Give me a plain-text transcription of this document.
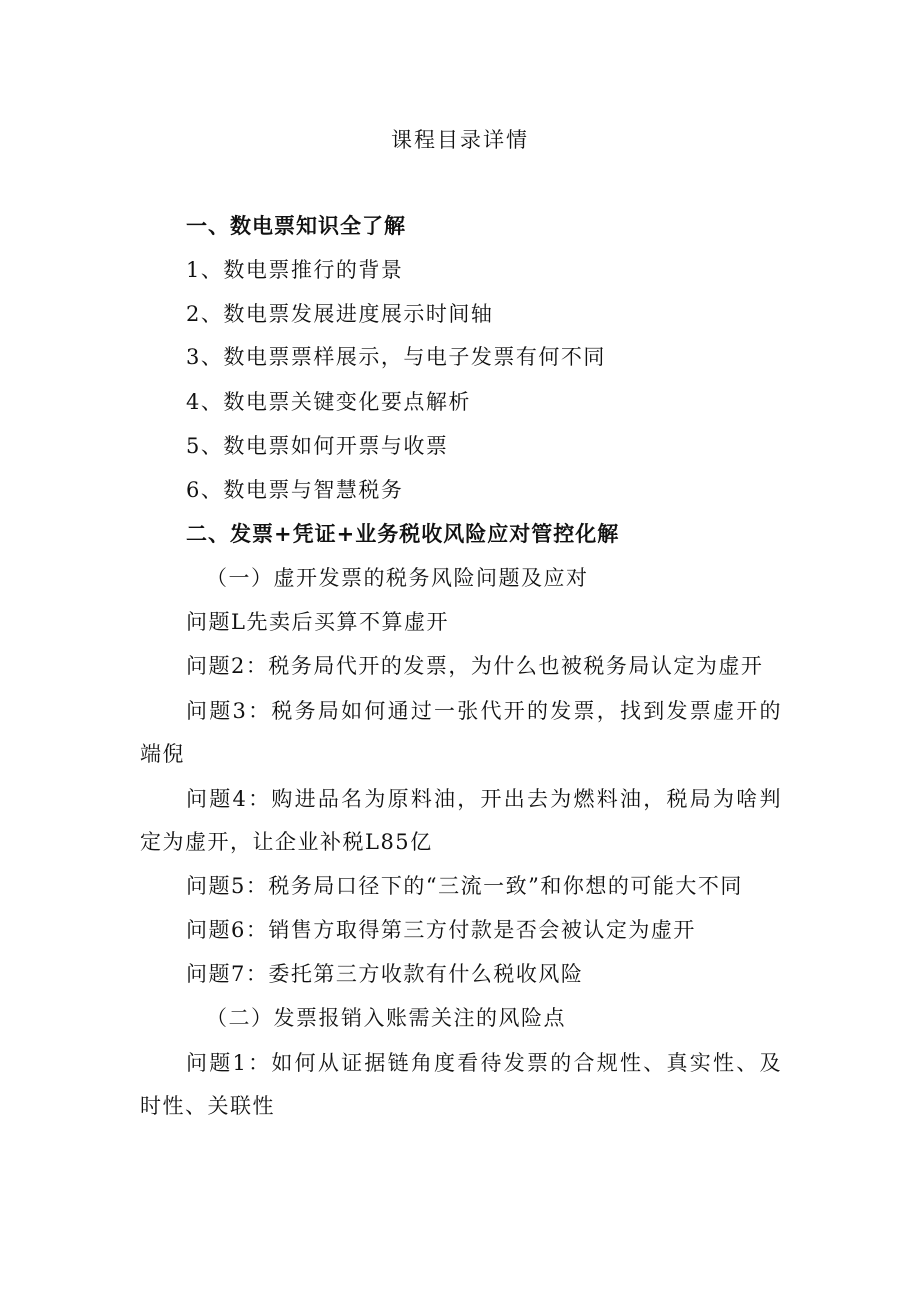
课程目录详情
一、数电票知识全了解
1、数电票推行的背景
2、数电票发展进度展示时间轴
3、数电票票样展示，与电子发票有何不同
4、数电票关键变化要点解析
5、数电票如何开票与收票
6、数电票与智慧税务
二、发票+凭证+业务税收风险应对管控化解
（一）虚开发票的税务风险问题及应对
问题L先卖后买算不算虚开
问题2：税务局代开的发票，为什么也被税务局认定为虚开
问题3：税务局如何通过一张代开的发票，找到发票虚开的端倪
问题4：购进品名为原料油，开出去为燃料油，税局为啥判定为虚开，让企业补税L85亿
问题5：税务局口径下的“三流一致”和你想的可能大不同
问题6：销售方取得第三方付款是否会被认定为虚开
问题7：委托第三方收款有什么税收风险
（二）发票报销入账需关注的风险点
问题1：如何从证据链角度看待发票的合规性、真实性、及时性、关联性
